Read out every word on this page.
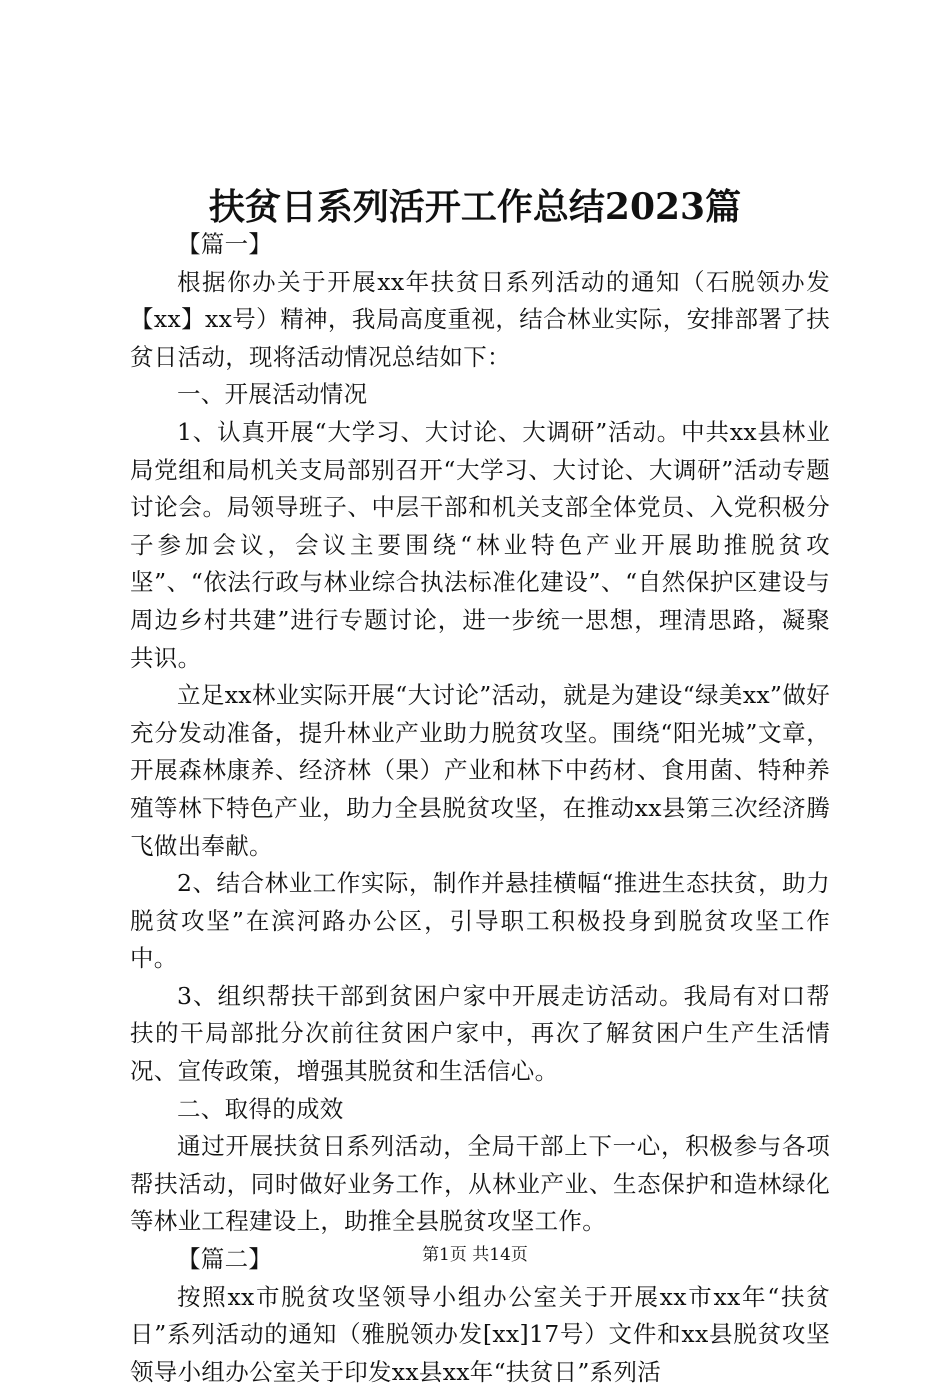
扶贫日系列活开工作总结2023篇

【篇一】

根据你办关于开展xx年扶贫日系列活动的通知（石脱领办发【xx】xx号）精神，我局高度重视，结合林业实际，安排部署了扶贫日活动，现将活动情况总结如下：

一、开展活动情况

1、认真开展“大学习、大讨论、大调研”活动。中共xx县林业局党组和局机关支局部别召开“大学习、大讨论、大调研”活动专题讨论会。局领导班子、中层干部和机关支部全体党员、入党积极分子参加会议，会议主要围绕“林业特色产业开展助推脱贫攻坚”、“依法行政与林业综合执法标准化建设”、“自然保护区建设与周边乡村共建”进行专题讨论，进一步统一思想，理清思路，凝聚共识。

立足xx林业实际开展“大讨论”活动，就是为建设“绿美xx”做好充分发动准备，提升林业产业助力脱贫攻坚。围绕“阳光城”文章，开展森林康养、经济林（果）产业和林下中药材、食用菌、特种养殖等林下特色产业，助力全县脱贫攻坚，在推动xx县第三次经济腾飞做出奉献。

2、结合林业工作实际，制作并悬挂横幅“推进生态扶贫，助力脱贫攻坚”在滨河路办公区，引导职工积极投身到脱贫攻坚工作中。

3、组织帮扶干部到贫困户家中开展走访活动。我局有对口帮扶的干局部批分次前往贫困户家中，再次了解贫困户生产生活情况、宣传政策，增强其脱贫和生活信心。

二、取得的成效

通过开展扶贫日系列活动，全局干部上下一心，积极参与各项帮扶活动，同时做好业务工作，从林业产业、生态保护和造林绿化等林业工程建设上，助推全县脱贫攻坚工作。

【篇二】

按照xx市脱贫攻坚领导小组办公室关于开展xx市xx年“扶贫日”系列活动的通知（雅脱领办发[xx]17号）文件和xx县脱贫攻坚领导小组办公室关于印发xx县xx年“扶贫日”系列活

第1页 共14页
